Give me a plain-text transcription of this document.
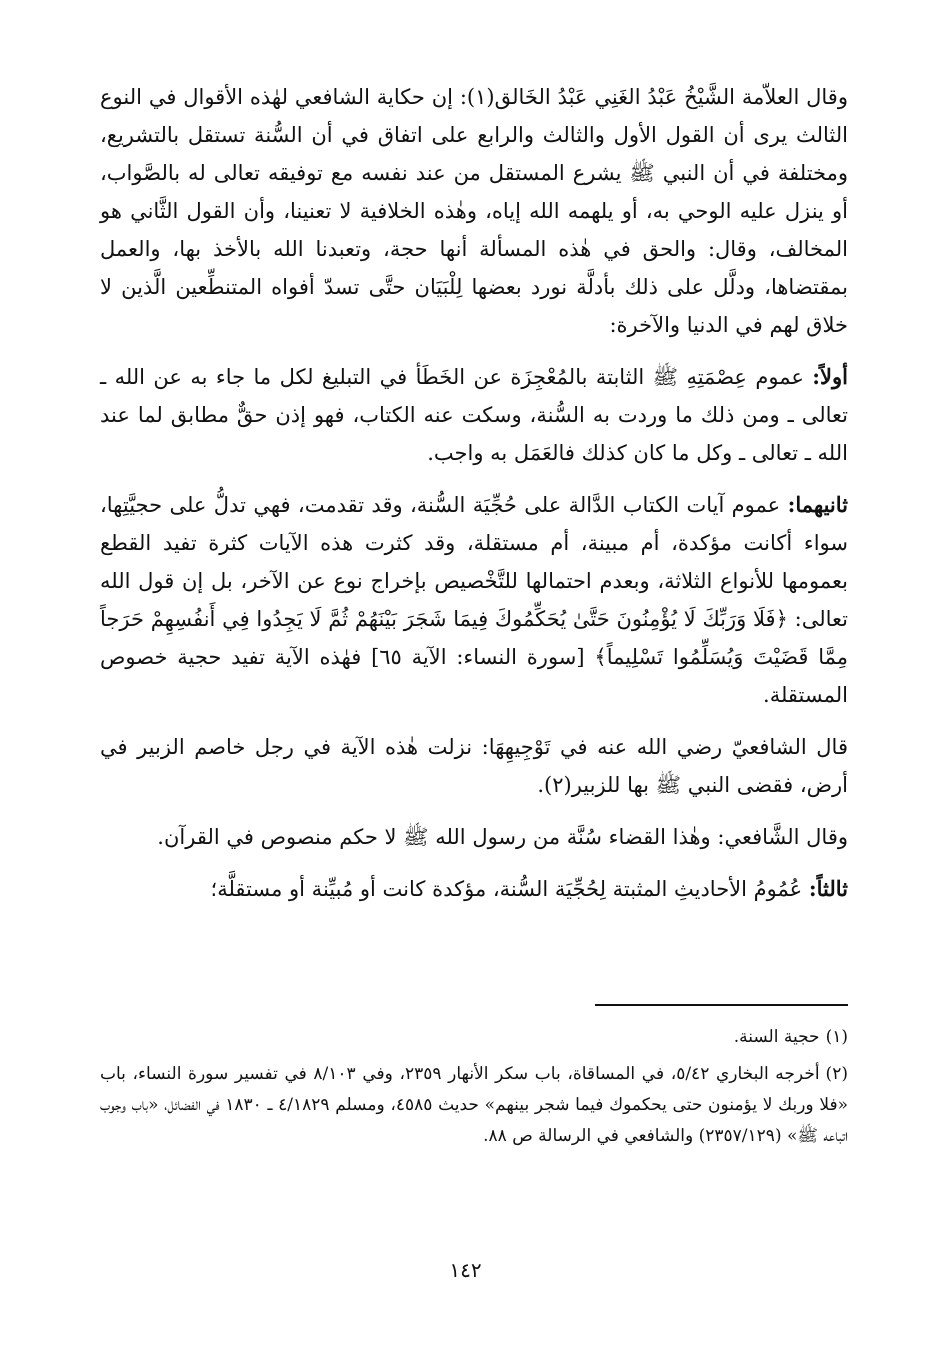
وقال العلاّمة الشَّيْخُ عَبْدُ الغَنِي عَبْدُ الخَالق(١): إن حكاية الشافعي لهٰذه الأقوال في النوع الثالث يرى أن القول الأول والثالث والرابع على اتفاق في أن السُّنة تستقل بالتشريع، ومختلفة في أن النبي ﷺ يشرع المستقل من عند نفسه مع توفيقه تعالى له بالصَّواب، أو ينزل عليه الوحي به، أو يلهمه الله إياه، وهٰذه الخلافية لا تعنينا، وأن القول الثَّاني هو المخالف، وقال: والحق في هٰذه المسألة أنها حجة، وتعبدنا الله بالأخذ بها، والعمل بمقتضاها، ودلَّل على ذلك بأدلَّة نورد بعضها لِلْبَيَان حتَّى تسدّ أفواه المتنطِّعين الَّذين لا خلاق لهم في الدنيا والآخرة:

أولاً: عموم عِصْمَتِهِ ﷺ الثابتة بالمُعْجِزَة عن الخَطَأ في التبليغ لكل ما جاء به عن الله ـ تعالى ـ ومن ذلك ما وردت به السُّنة، وسكت عنه الكتاب، فهو إذن حقٌّ مطابق لما عند الله ـ تعالى ـ وكل ما كان كذلك فالعَمَل به واجب.

ثانيهما: عموم آيات الكتاب الدَّالة على حُجِّيَة السُّنة، وقد تقدمت، فهي تدلُّ على حجيَّتِها، سواء أكانت مؤكدة، أم مبينة، أم مستقلة، وقد كثرت هذه الآيات كثرة تفيد القطع بعمومها للأنواع الثلاثة، وبعدم احتمالها للتَّخْصيص بإخراج نوع عن الآخر، بل إن قول الله تعالى: ﴿فَلَا وَرَبِّكَ لَا يُؤْمِنُونَ حَتَّىٰ يُحَكِّمُوكَ فِيمَا شَجَرَ بَيْنَهُمْ ثُمَّ لَا يَجِدُوا فِي أَنفُسِهِمْ حَرَجاً مِمَّا قَضَيْتَ وَيُسَلِّمُوا تَسْلِيماً﴾ [سورة النساء: الآية ٦٥] فهٰذه الآية تفيد حجية خصوص المستقلة.

قال الشافعيّ رضي الله عنه في تَوْجِيهِهَا: نزلت هٰذه الآية في رجل خاصم الزبير في أرض، فقضى النبي ﷺ بها للزبير(٢).

وقال الشَّافعي: وهٰذا القضاء سُنَّة من رسول الله ﷺ لا حكم منصوص في القرآن.

ثالثاً: عُمُومُ الأحاديثِ المثبتة لِحُجِّيَة السُّنة، مؤكدة كانت أو مُبيِّنة أو مستقلَّة؛

(١)حجية السنة.

(٢)أخرجه البخاري ٥/٤٢، في المساقاة، باب سكر الأنهار ٢٣٥٩، وفي ٨/١٠٣ في تفسير سورة النساء، باب «فلا وربك لا يؤمنون حتى يحكموك فيما شجر بينهم» حديث ٤٥٨٥، ومسلم ٤/١٨٢٩ ـ ١٨٣٠ في الفضائل، «باب وجوب اتباعه ﷺ» (٢٣٥٧/١٢٩) والشافعي في الرسالة ص ٨٨.

١٤٢
